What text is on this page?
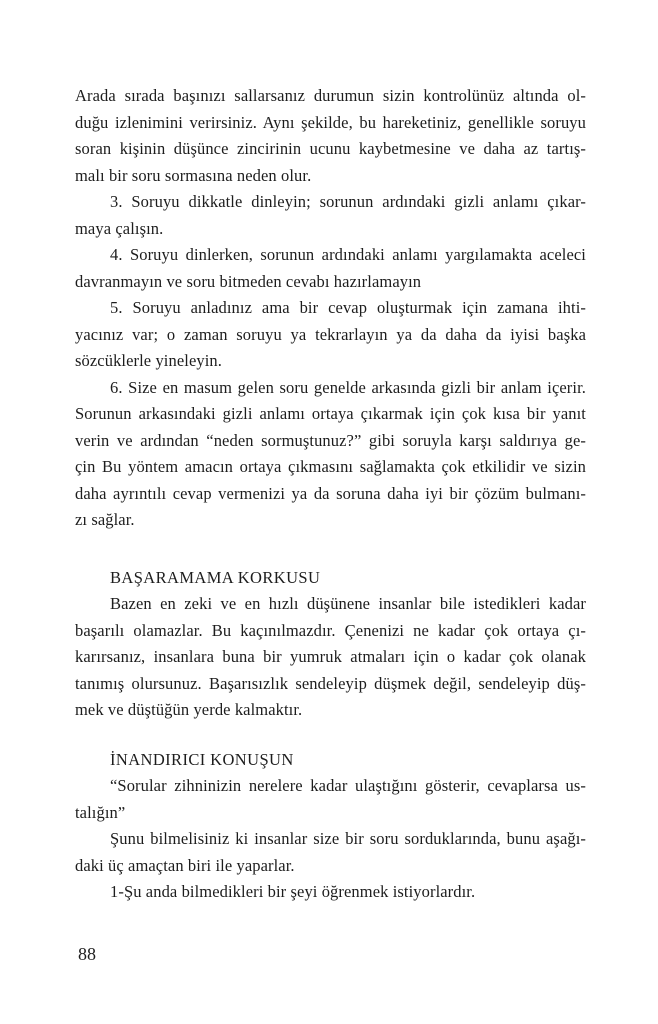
Arada sırada başınızı sallarsanız durumun sizin kontrolünüz altında ol-
duğu izlenimini verirsiniz. Aynı şekilde, bu hareketiniz, genellikle soruyu
soran kişinin düşünce zincirinin ucunu kaybetmesine ve daha az tartış-
malı bir soru sormasına neden olur.
3. Soruyu dikkatle dinleyin; sorunun ardındaki gizli anlamı çıkar-
maya çalışın.
4. Soruyu dinlerken, sorunun ardındaki anlamı yargılamakta aceleci
davranmayın ve soru bitmeden cevabı hazırlamayın
5. Soruyu anladınız ama bir cevap oluşturmak için zamana ihti-
yacınız var; o zaman soruyu ya tekrarlayın ya da daha da iyisi başka
sözcüklerle yineleyin.
6. Size en masum gelen soru genelde arkasında gizli bir anlam içerir.
Sorunun arkasındaki gizli anlamı ortaya çıkarmak için çok kısa bir yanıt
verin ve ardından “neden sormuştunuz?” gibi soruyla karşı saldırıya ge-
çin Bu yöntem amacın ortaya çıkmasını sağlamakta çok etkilidir ve sizin
daha ayrıntılı cevap vermenizi ya da soruna daha iyi bir çözüm bulmanı-
zı sağlar.
BAŞARAMAMA KORKUSU
Bazen en zeki ve en hızlı düşünene insanlar bile istedikleri kadar
başarılı olamazlar. Bu kaçınılmazdır. Çenenizi ne kadar çok ortaya çı-
karırsanız, insanlara buna bir yumruk atmaları için o kadar çok olanak
tanımış olursunuz. Başarısızlık sendeleyip düşmek değil, sendeleyip düş-
mek ve düştüğün yerde kalmaktır.
İNANDIRICI KONUŞUN
“Sorular zihninizin nerelere kadar ulaştığını gösterir, cevaplarsa us-
talığın”
Şunu bilmelisiniz ki insanlar size bir soru sorduklarında, bunu aşağı-
daki üç amaçtan biri ile yaparlar.
1-Şu anda bilmedikleri bir şeyi öğrenmek istiyorlardır.
88
